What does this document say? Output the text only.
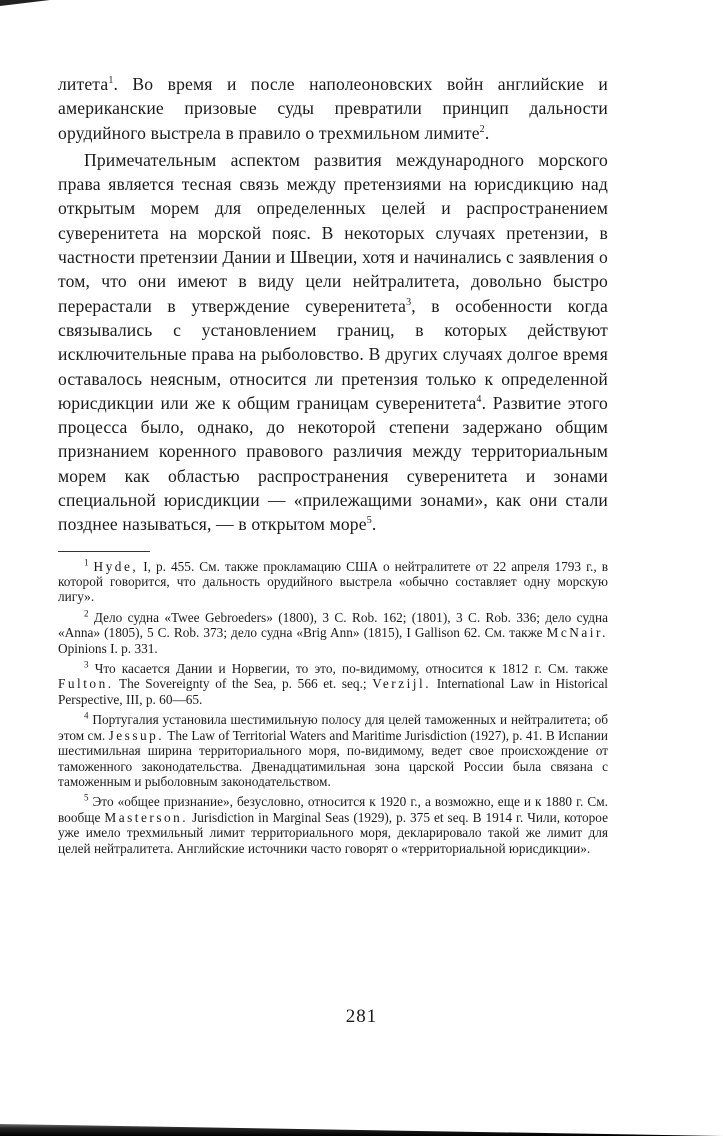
литета$^1$. Во время и после наполеоновских войн английские и американские призовые суды превратили принцип дальности орудийного выстрела в правило о трехмильном лимите$^2$.

Примечательным аспектом развития международного морского права является тесная связь между претензиями на юрисдикцию над открытым морем для определенных целей и распространением суверенитета на морской пояс. В некоторых случаях претензии, в частности претензии Дании и Швеции, хотя и начинались с заявления о том, что они имеют в виду цели нейтралитета, довольно быстро перерастали в утверждение суверенитета$^3$, в особенности когда связывались с установлением границ, в которых действуют исключительные права на рыболовство. В других случаях долгое время оставалось неясным, относится ли претензия только к определенной юрисдикции или же к общим границам суверенитета$^4$. Развитие этого процесса было, однако, до некоторой степени задержано общим признанием коренного правового различия между территориальным морем как областью распространения суверенитета и зонами специальной юрисдикции — «прилежащими зонами», как они стали позднее называться, — в открытом море$^5$.

$^1$ Hyde, I, p. 455. См. также прокламацию США о нейтралитете от 22 апреля 1793 г., в которой говорится, что дальность орудийного выстрела «обычно составляет одну морскую лигу».

$^2$ Дело судна «Twee Gebroeders» (1800), 3 С. Rob. 162; (1801), 3 С. Rob. 336; дело судна «Anna» (1805), 5 С. Rob. 373; дело судна «Brig Ann» (1815), I Gallison 62. См. также McNair. Opinions I. p. 331.

$^3$ Что касается Дании и Норвегии, то это, по-видимому, относится к 1812 г. См. также Fulton. The Sovereignty of the Sea, p. 566 et. seq.; Verzijl. International Law in Historical Perspective, III, p. 60—65.

$^4$ Португалия установила шестимильную полосу для целей таможенных и нейтралитета; об этом см. Jessup. The Law of Territorial Waters and Maritime Jurisdiction (1927), p. 41. В Испании шестимильная ширина территориального моря, по-видимому, ведет свое происхождение от таможенного законодательства. Двенадцатимильная зона царской России была связана с таможенным и рыболовным законодательством.

$^5$ Это «общее признание», безусловно, относится к 1920 г., а возможно, еще и к 1880 г. См. вообще Masterson. Jurisdiction in Marginal Seas (1929), p. 375 et seq. В 1914 г. Чили, которое уже имело трехмильный лимит территориального моря, декларировало такой же лимит для целей нейтралитета. Английские источники часто говорят о «территориальной юрисдикции».

281
